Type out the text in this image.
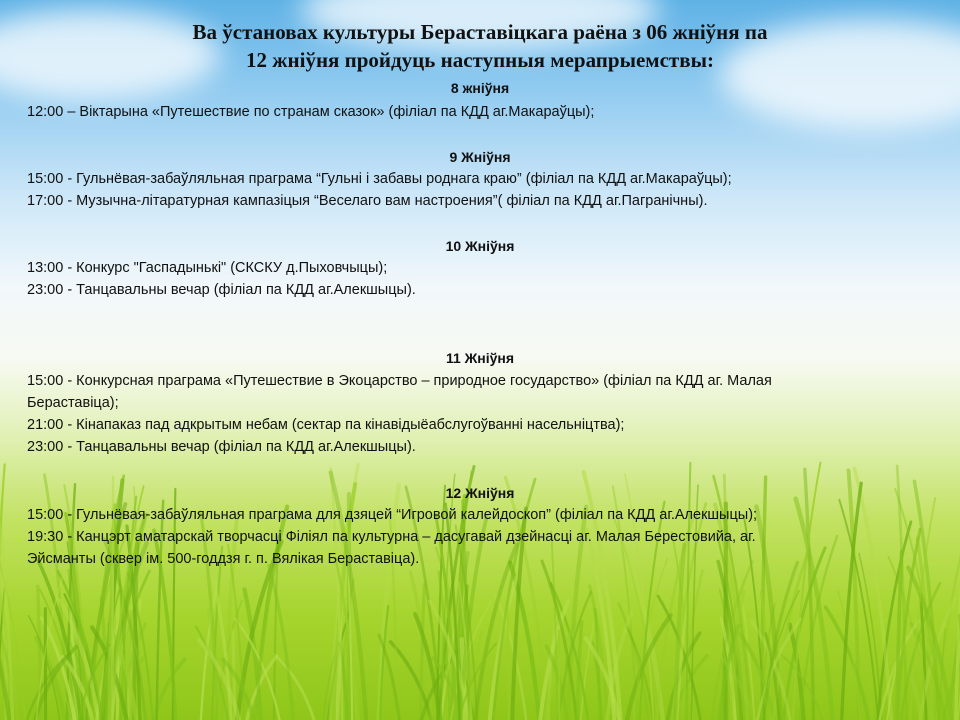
Ва ўстановах культуры Бераставіцкага раёна з 06 жніўня па
12 жніўня пройдуць наступныя мерапрыемствы:
8 жніўня
12:00 – Віктарына «Путешествие по странам сказок» (філіал па КДД аг.Макараўцы);
9 Жніўня
15:00 - Гульнёвая-забаўляльная праграма “Гульні і забавы роднага краю” (філіал па КДД аг.Макараўцы);
17:00 - Музычна-літаратурная кампазіцыя “Веселаго вам настроения”( філіал па КДД аг.Пагранічны).
10 Жніўня
13:00 - Конкурс "Гаспадынькі" (СКСКУ д.Пыховчыцы);
23:00 - Танцавальны вечар (філіал па КДД аг.Алекшыцы).
11 Жніўня
15:00 - Конкурсная праграма «Путешествие в Экоцарство – природное государство» (філіал па КДД аг. Малая
Бераставіца);
21:00 - Кінапаказ пад адкрытым небам (сектар па кінавідыёабслугоўванні насельніцтва);
23:00 - Танцавальны вечар (філіал па КДД аг.Алекшыцы).
12 Жніўня
15:00 - Гульнёвая-забаўляльная праграма для дзяцей “Игровой калейдоскоп” (філіал па КДД аг.Алекшыцы);
19:30 - Канцэрт аматарскай творчасці Філіял па культурна – дасугавай дзейнасці аг. Малая Берестовийа, аг.
Эйсманты (сквер ім. 500-годдзя г. п. Вялікая Бераставіца).
